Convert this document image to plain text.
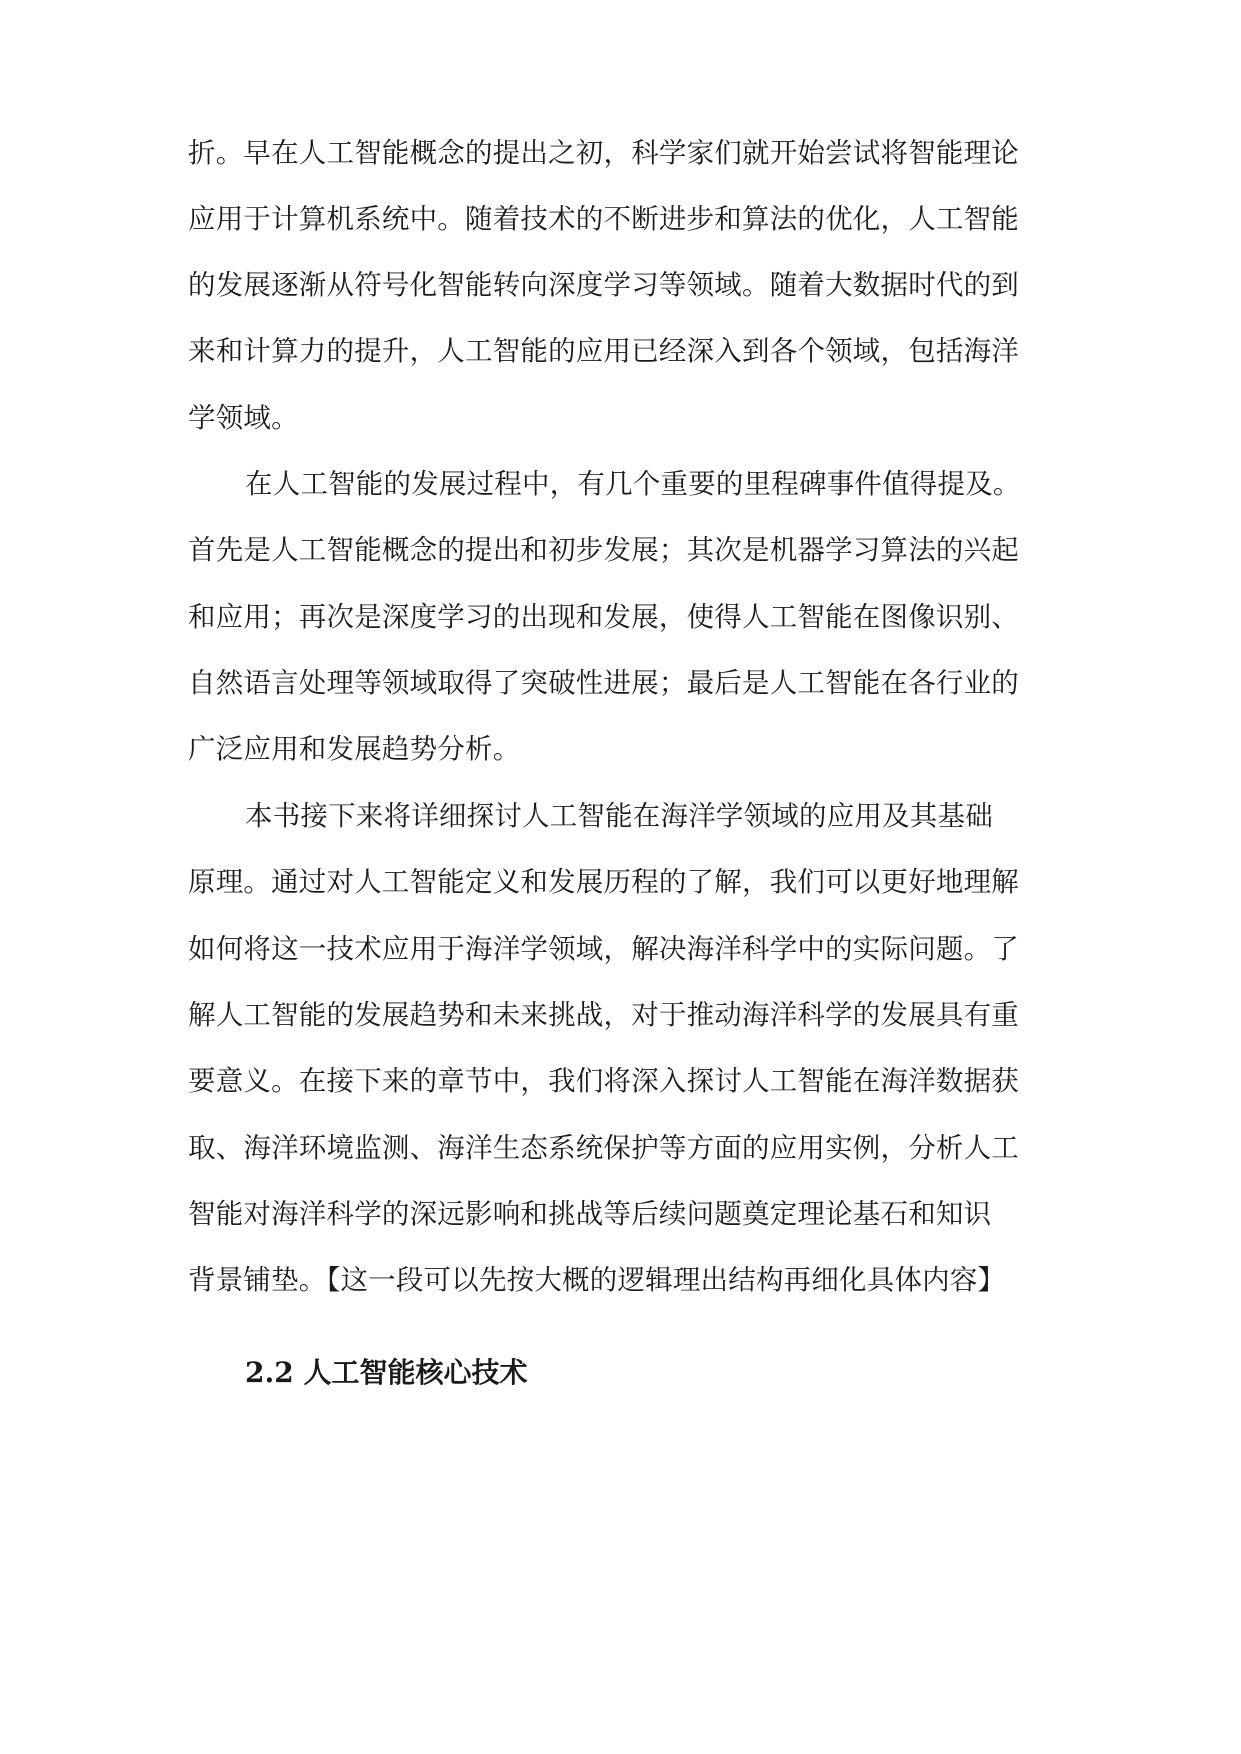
折。早在人工智能概念的提出之初，科学家们就开始尝试将智能理论
应用于计算机系统中。随着技术的不断进步和算法的优化，人工智能
的发展逐渐从符号化智能转向深度学习等领域。随着大数据时代的到
来和计算力的提升，人工智能的应用已经深入到各个领域，包括海洋
学领域。
在人工智能的发展过程中，有几个重要的里程碑事件值得提及。
首先是人工智能概念的提出和初步发展；其次是机器学习算法的兴起
和应用；再次是深度学习的出现和发展，使得人工智能在图像识别、
自然语言处理等领域取得了突破性进展；最后是人工智能在各行业的
广泛应用和发展趋势分析。
本书接下来将详细探讨人工智能在海洋学领域的应用及其基础
原理。通过对人工智能定义和发展历程的了解，我们可以更好地理解
如何将这一技术应用于海洋学领域，解决海洋科学中的实际问题。了
解人工智能的发展趋势和未来挑战，对于推动海洋科学的发展具有重
要意义。在接下来的章节中，我们将深入探讨人工智能在海洋数据获
取、海洋环境监测、海洋生态系统保护等方面的应用实例，分析人工
智能对海洋科学的深远影响和挑战等后续问题奠定理论基石和知识
背景铺垫。【这一段可以先按大概的逻辑理出结构再细化具体内容】
2.2 人工智能核心技术
